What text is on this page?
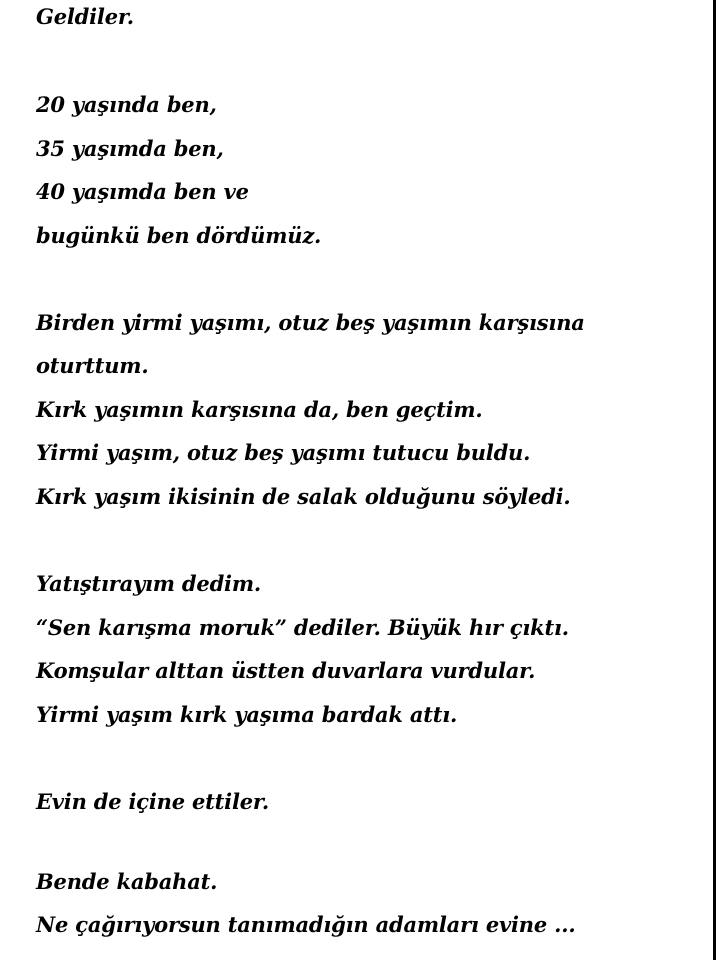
Geldiler.
20 yaşında ben,
35 yaşımda ben,
40 yaşımda ben ve
bugünkü ben dördümüz.
Birden yirmi yaşımı, otuz beş yaşımın karşısına
oturttum.
Kırk yaşımın karşısına da, ben geçtim.
Yirmi yaşım, otuz beş yaşımı tutucu buldu.
Kırk yaşım ikisinin de salak olduğunu söyledi.
Yatıştırayım dedim.
“Sen karışma moruk” dediler. Büyük hır çıktı.
Komşular alttan üstten duvarlara vurdular.
Yirmi yaşım kırk yaşıma bardak attı.
Evin de içine ettiler.
Bende kabahat.
Ne çağırıyorsun tanımadığın adamları evine ...
